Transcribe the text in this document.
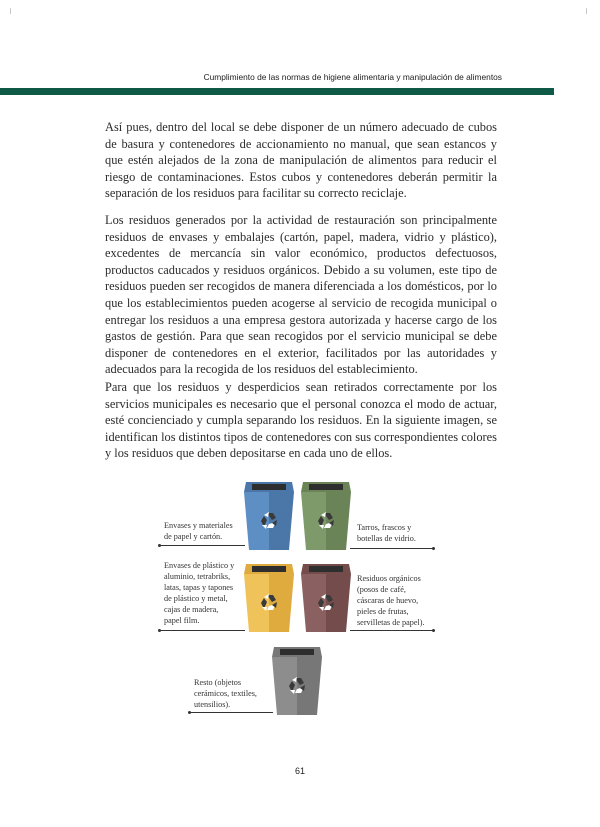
Cumplimiento de las normas de higiene alimentaria y manipulación de alimentos

Así pues, dentro del local se debe disponer de un número adecuado de cubos de basura y contenedores de accionamiento no manual, que sean estancos y que estén alejados de la zona de manipulación de alimentos para reducir el riesgo de contaminaciones. Estos cubos y contenedores deberán permitir la separación de los residuos para facilitar su correcto reciclaje.

Los residuos generados por la actividad de restauración son principalmente residuos de envases y embalajes (cartón, papel, madera, vidrio y plástico), excedentes de mercancía sin valor económico, productos defectuosos, productos caducados y residuos orgánicos. Debido a su volumen, este tipo de residuos pueden ser recogidos de manera diferenciada a los domésticos, por lo que los establecimientos pueden acogerse al servicio de recogida municipal o entregar los residuos a una empresa gestora autorizada y hacerse cargo de los gastos de gestión. Para que sean recogidos por el servicio municipal se debe disponer de contenedores en el exterior, facilitados por las autoridades y adecuados para la recogida de los residuos del establecimiento.

Para que los residuos y desperdicios sean retirados correctamente por los servicios municipales es necesario que el personal conozca el modo de actuar, esté concienciado y cumpla separando los residuos. En la siguiente imagen, se identifican los distintos tipos de contenedores con sus correspondientes colores y los residuos que deben depositarse en cada uno de ellos.

Envases y materiales
de papel y cartón.
Tarros, frascos y
botellas de vidrio.
Envases de plástico y
aluminio, tetrabriks,
latas, tapas y tapones
de plástico y metal,
cajas de madera,
papel film.
Residuos orgánicos
(posos de café,
cáscaras de huevo,
pieles de frutas,
servilletas de papel).
Resto (objetos
cerámicos, textiles,
utensilios).
61
